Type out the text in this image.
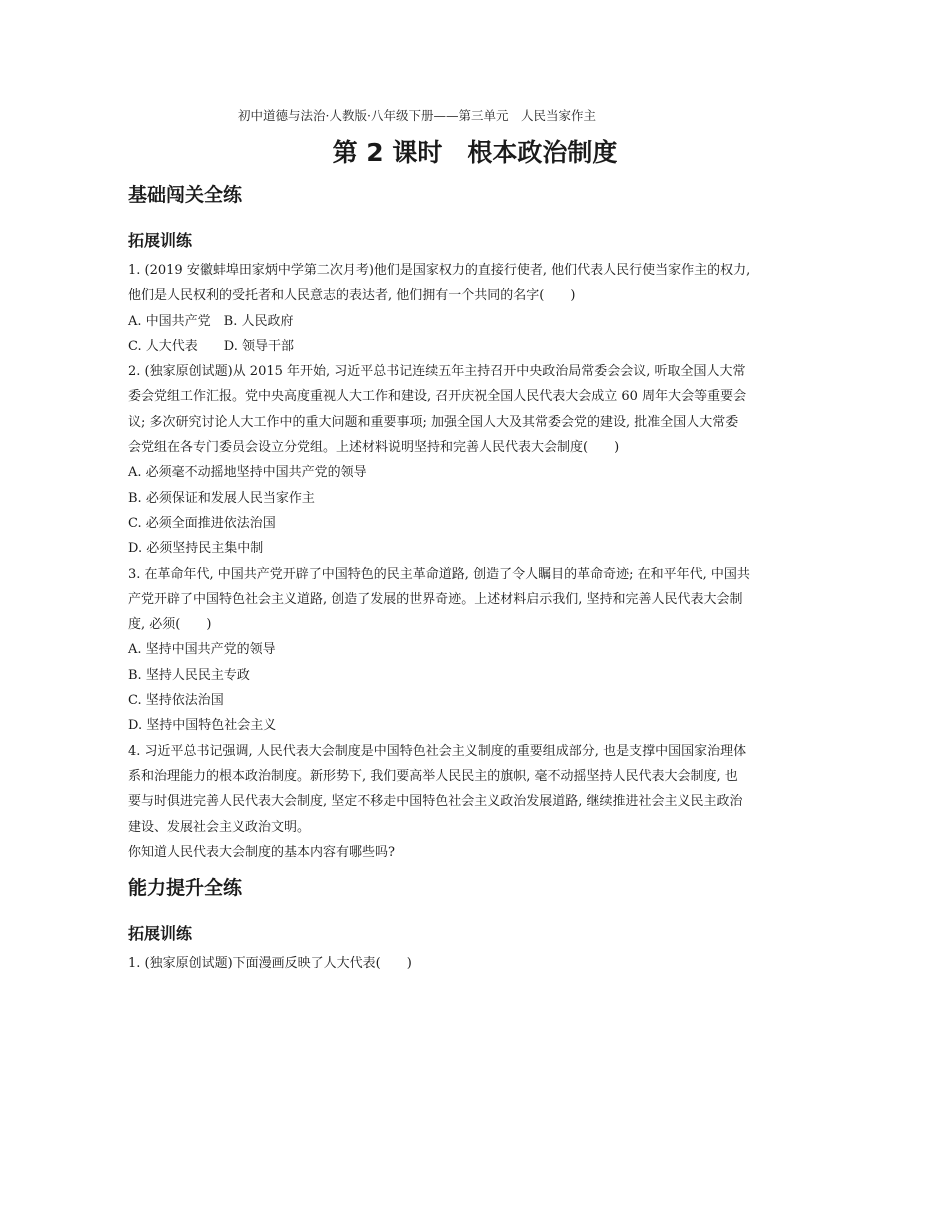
初中道德与法治·人教版·八年级下册——第三单元　人民当家作主
第 2 课时　根本政治制度
基础闯关全练
拓展训练
1. (2019 安徽蚌埠田家炳中学第二次月考)他们是国家权力的直接行使者, 他们代表人民行使当家作主的权力,
他们是人民权利的受托者和人民意志的表达者, 他们拥有一个共同的名字(　　)
A. 中国共产党　B. 人民政府
C. 人大代表　　D. 领导干部
2. (独家原创试题)从 2015 年开始, 习近平总书记连续五年主持召开中央政治局常委会会议, 听取全国人大常
委会党组工作汇报。党中央高度重视人大工作和建设, 召开庆祝全国人民代表大会成立 60 周年大会等重要会
议; 多次研究讨论人大工作中的重大问题和重要事项; 加强全国人大及其常委会党的建设, 批准全国人大常委
会党组在各专门委员会设立分党组。上述材料说明坚持和完善人民代表大会制度(　　)
A. 必须毫不动摇地坚持中国共产党的领导
B. 必须保证和发展人民当家作主
C. 必须全面推进依法治国
D. 必须坚持民主集中制
3. 在革命年代, 中国共产党开辟了中国特色的民主革命道路, 创造了令人瞩目的革命奇迹; 在和平年代, 中国共
产党开辟了中国特色社会主义道路, 创造了发展的世界奇迹。上述材料启示我们, 坚持和完善人民代表大会制
度, 必须(　　)
A. 坚持中国共产党的领导
B. 坚持人民民主专政
C. 坚持依法治国
D. 坚持中国特色社会主义
4. 习近平总书记强调, 人民代表大会制度是中国特色社会主义制度的重要组成部分, 也是支撑中国国家治理体
系和治理能力的根本政治制度。新形势下, 我们要高举人民民主的旗帜, 毫不动摇坚持人民代表大会制度, 也
要与时俱进完善人民代表大会制度, 坚定不移走中国特色社会主义政治发展道路, 继续推进社会主义民主政治
建设、发展社会主义政治文明。
你知道人民代表大会制度的基本内容有哪些吗?
能力提升全练
拓展训练
1. (独家原创试题)下面漫画反映了人大代表(　　)
